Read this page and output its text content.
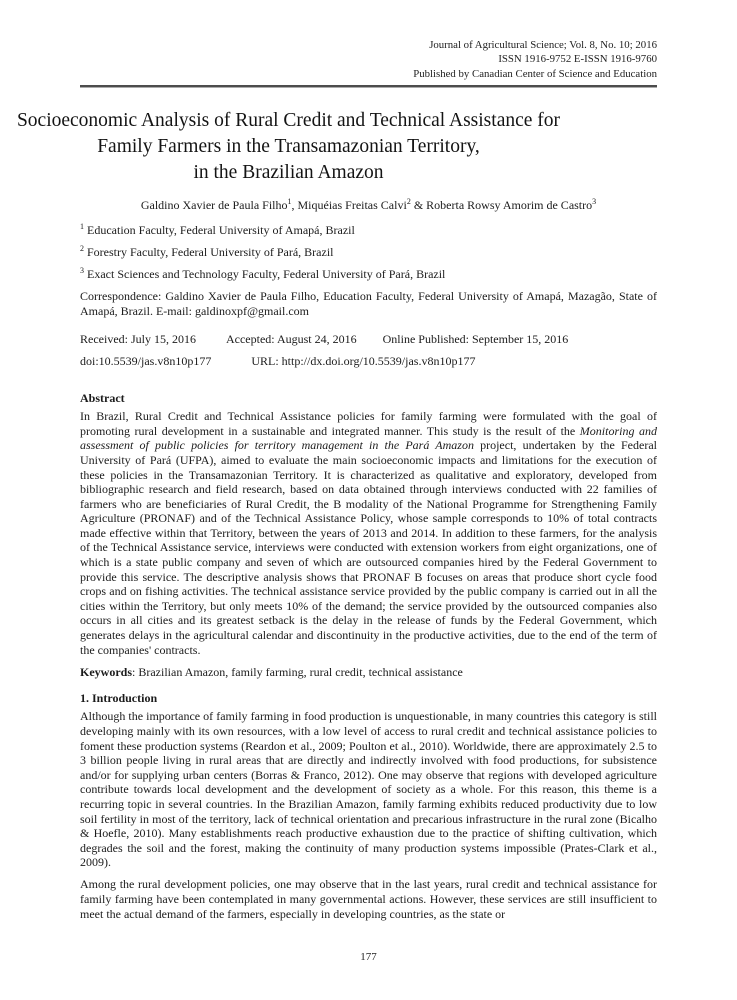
Journal of Agricultural Science; Vol. 8, No. 10; 2016
ISSN 1916-9752 E-ISSN 1916-9760
Published by Canadian Center of Science and Education
Socioeconomic Analysis of Rural Credit and Technical Assistance for
Family Farmers in the Transamazonian Territory,
in the Brazilian Amazon
Galdino Xavier de Paula Filho$^1$, Miquéias Freitas Calvi$^2$ & Roberta Rowsy Amorim de Castro$^3$
$^1$ Education Faculty, Federal University of Amapá, Brazil
$^2$ Forestry Faculty, Federal University of Pará, Brazil
$^3$ Exact Sciences and Technology Faculty, Federal University of Pará, Brazil
Correspondence: Galdino Xavier de Paula Filho, Education Faculty, Federal University of Amapá, Mazagão, State of Amapá, Brazil. E-mail: galdinoxpf@gmail.com
Received: July 15, 2016	Accepted: August 24, 2016 Online Published: September 15, 2016
doi:10.5539/jas.v8n10p177	URL: http://dx.doi.org/10.5539/jas.v8n10p177
Abstract

In Brazil, Rural Credit and Technical Assistance policies for family farming were formulated with the goal of promoting rural development in a sustainable and integrated manner. This study is the result of the Monitoring and assessment of public policies for territory management in the Pará Amazon project, undertaken by the Federal University of Pará (UFPA), aimed to evaluate the main socioeconomic impacts and limitations for the execution of these policies in the Transamazonian Territory. It is characterized as qualitative and exploratory, developed from bibliographic research and field research, based on data obtained through interviews conducted with 22 families of farmers who are beneficiaries of Rural Credit, the B modality of the National Programme for Strengthening Family Agriculture (PRONAF) and of the Technical Assistance Policy, whose sample corresponds to 10% of total contracts made effective within that Territory, between the years of 2013 and 2014. In addition to these farmers, for the analysis of the Technical Assistance service, interviews were conducted with extension workers from eight organizations, one of which is a state public company and seven of which are outsourced companies hired by the Federal Government to provide this service. The descriptive analysis shows that PRONAF B focuses on areas that produce short cycle food crops and on fishing activities. The technical assistance service provided by the public company is carried out in all the cities within the Territory, but only meets 10% of the demand; the service provided by the outsourced companies also occurs in all cities and its greatest setback is the delay in the release of funds by the Federal Government, which generates delays in the agricultural calendar and discontinuity in the productive activities, due to the end of the term of the companies' contracts.

Keywords: Brazilian Amazon, family farming, rural credit, technical assistance

1. Introduction

Although the importance of family farming in food production is unquestionable, in many countries this category is still developing mainly with its own resources, with a low level of access to rural credit and technical assistance policies to foment these production systems (Reardon et al., 2009; Poulton et al., 2010). Worldwide, there are approximately 2.5 to 3 billion people living in rural areas that are directly and indirectly involved with food productions, for subsistence and/or for supplying urban centers (Borras & Franco, 2012). One may observe that regions with developed agriculture contribute towards local development and the development of society as a whole. For this reason, this theme is a recurring topic in several countries. In the Brazilian Amazon, family farming exhibits reduced productivity due to low soil fertility in most of the territory, lack of technical orientation and precarious infrastructure in the rural zone (Bicalho & Hoefle, 2010). Many establishments reach productive exhaustion due to the practice of shifting cultivation, which degrades the soil and the forest, making the continuity of many production systems impossible (Prates-Clark et al., 2009).

Among the rural development policies, one may observe that in the last years, rural credit and technical assistance for family farming have been contemplated in many governmental actions. However, these services are still insufficient to meet the actual demand of the farmers, especially in developing countries, as the state or

177
